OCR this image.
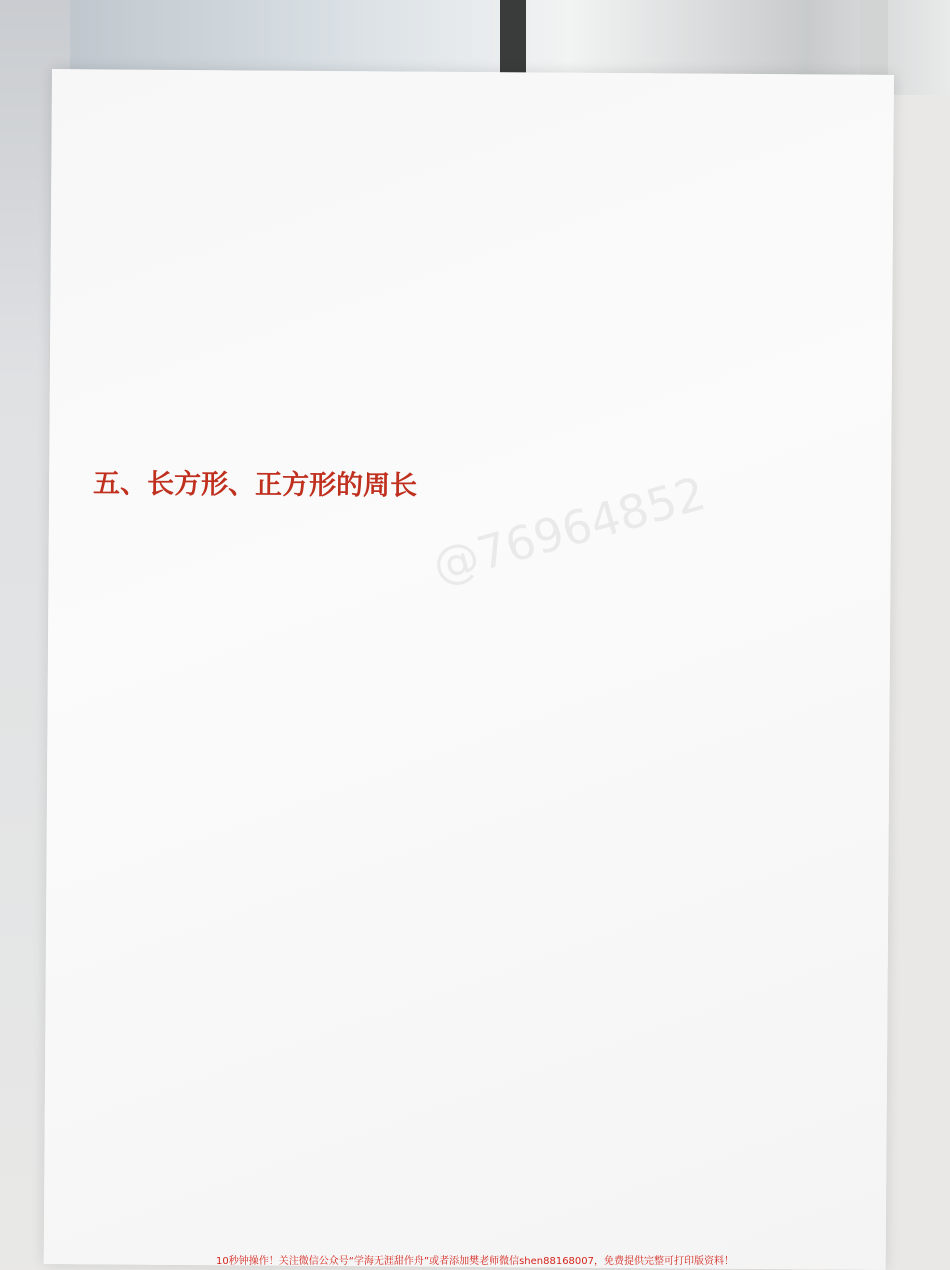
五、长方形、正方形的周长 @76964852
10秒钟操作！关注微信公众号“学海无涯甜作舟”或者添加樊老师微信shen88168007，免费提供完整可打印版资料！
